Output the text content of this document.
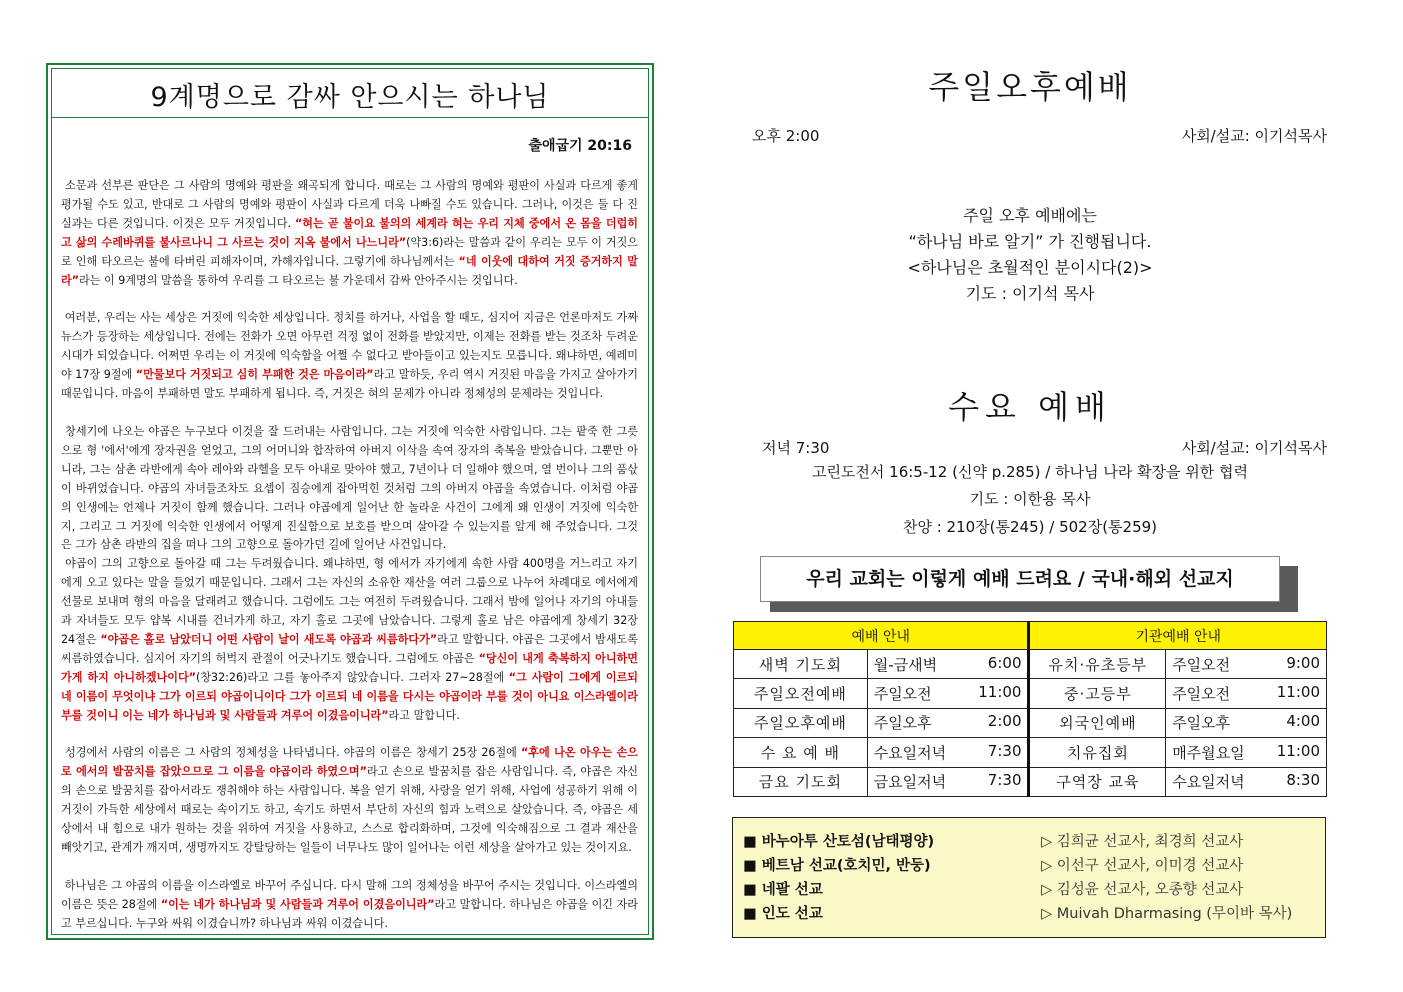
9계명으로 감싸 안으시는 하나님
출애굽기 20:16

소문과 선부른 판단은 그 사람의 명예와 평판을 왜곡되게 합니다. 때로는 그 사람의 명예와 평판이 사실과 다르게 좋게 평가될 수도 있고, 반대로 그 사람의 명예와 평판이 사실과 다르게 더욱 나빠질 수도 있습니다. 그러나, 이것은 둘 다 진실과는 다른 것입니다. 이것은 모두 거짓입니다. “혀는 곧 불이요 불의의 세계라 혀는 우리 지체 중에서 온 몸을 더럽히고 삶의 수레바퀴를 불사르나니 그 사르는 것이 지옥 불에서 나느니라”(약3:6)라는 말씀과 같이 우리는 모두 이 거짓으로 인해 타오르는 불에 타버린 피해자이며, 가해자입니다. 그렇기에 하나님께서는 “네 이웃에 대하여 거짓 증거하지 말라”라는 이 9계명의 말씀을 통하여 우리를 그 타오르는 불 가운데서 감싸 안아주시는 것입니다.

여러분, 우리는 사는 세상은 거짓에 익숙한 세상입니다. 정치를 하거나, 사업을 할 때도, 심지어 지금은 언론마저도 가짜뉴스가 등장하는 세상입니다. 전에는 전화가 오면 아무런 걱정 없이 전화를 받았지만, 이제는 전화를 받는 것조차 두려운 시대가 되었습니다. 어쩌면 우리는 이 거짓에 익숙함을 어쩔 수 없다고 받아들이고 있는지도 모릅니다. 왜냐하면, 예레미야 17장 9절에 “만물보다 거짓되고 심히 부패한 것은 마음이라”라고 말하듯, 우리 역시 거짓된 마음을 가지고 살아가기 때문입니다. 마음이 부패하면 말도 부패하게 됩니다. 즉, 거짓은 혀의 문제가 아니라 정체성의 문제라는 것입니다.

창세기에 나오는 야곱은 누구보다 이것을 잘 드러내는 사람입니다. 그는 거짓에 익숙한 사람입니다. 그는 팥죽 한 그릇으로 형 '에서'에게 장자권을 얻었고, 그의 어머니와 합작하여 아버지 이삭을 속여 장자의 축복을 받았습니다. 그뿐만 아니라, 그는 삼촌 라반에게 속아 레아와 라헬을 모두 아내로 맞아야 했고, 7년이나 더 일해야 했으며, 열 번이나 그의 품삯이 바뀌었습니다. 야곱의 자녀들조차도 요셉이 짐승에게 잡아먹힌 것처럼 그의 아버지 야곱을 속였습니다. 이처럼 야곱의 인생에는 언제나 거짓이 함께 했습니다. 그러나 야곱에게 일어난 한 놀라운 사건이 그에게 왜 인생이 거짓에 익숙한지, 그리고 그 거짓에 익숙한 인생에서 어떻게 진실함으로 보호를 받으며 살아갈 수 있는지를 알게 해 주었습니다. 그것은 그가 삼촌 라반의 집을 떠나 그의 고향으로 돌아가던 길에 일어난 사건입니다.

야곱이 그의 고향으로 돌아갈 때 그는 두려웠습니다. 왜냐하면, 형 에서가 자기에게 속한 사람 400명을 거느리고 자기에게 오고 있다는 말을 들었기 때문입니다. 그래서 그는 자신의 소유한 재산을 여러 그룹으로 나누어 차례대로 에서에게 선물로 보내며 형의 마음을 달래려고 했습니다. 그럼에도 그는 여전히 두려웠습니다. 그래서 밤에 일어나 자기의 아내들과 자녀들도 모두 얍복 시내를 건너가게 하고, 자기 홀로 그곳에 남았습니다. 그렇게 홀로 남은 야곱에게 창세기 32장 24절은 “야곱은 홀로 남았더니 어떤 사람이 날이 새도록 야곱과 씨름하다가”라고 말합니다. 야곱은 그곳에서 밤새도록 씨름하였습니다. 심지어 자기의 허벅지 관절이 어긋나기도 했습니다. 그럼에도 야곱은 “당신이 내게 축복하지 아니하면 가게 하지 아니하겠나이다”(창32:26)라고 그를 놓아주지 않았습니다. 그러자 27~28절에 “그 사람이 그에게 이르되 네 이름이 무엇이냐 그가 이르되 야곱이니이다 그가 이르되 네 이름을 다시는 야곱이라 부를 것이 아니요 이스라엘이라 부를 것이니 이는 네가 하나님과 및 사람들과 겨루어 이겼음이니라”라고 말합니다.

성경에서 사람의 이름은 그 사람의 정체성을 나타냅니다. 야곱의 이름은 창세기 25장 26절에 “후에 나온 아우는 손으로 에서의 발꿈치를 잡았으므로 그 이름을 야곱이라 하였으며”라고 손으로 발꿈치를 잡은 사람입니다. 즉, 야곱은 자신의 손으로 발꿈치를 잡아서라도 쟁취해야 하는 사람입니다. 복을 얻기 위해, 사랑을 얻기 위해, 사업에 성공하기 위해 이 거짓이 가득한 세상에서 때로는 속이기도 하고, 속기도 하면서 부단히 자신의 힘과 노력으로 살았습니다. 즉, 야곱은 세상에서 내 힘으로 내가 원하는 것을 위하여 거짓을 사용하고, 스스로 합리화하며, 그것에 익숙해짐으로 그 결과 재산을 빼앗기고, 관계가 깨지며, 생명까지도 강탈당하는 일들이 너무나도 많이 일어나는 이런 세상을 살아가고 있는 것이지요.

하나님은 그 야곱의 이름을 이스라엘로 바꾸어 주십니다. 다시 말해 그의 정체성을 바꾸어 주시는 것입니다. 이스라엘의 이름은 뜻은 28절에 “이는 네가 하나님과 및 사람들과 겨루어 이겼음이니라”라고 말합니다. 하나님은 야곱을 이긴 자라고 부르십니다. 누구와 싸워 이겼습니까? 하나님과 싸워 이겼습니다.

주일오후예배
오후 2:00	사회/설교: 이기석목사
주일 오후 예배에는
“하나님 바로 알기” 가 진행됩니다.
<하나님은 초월적인 분이시다(2)>
기도 : 이기석 목사
수요 예배
저녁 7:30	사회/설교: 이기석목사
고린도전서 16:5-12 (신약 p.285) / 하나님 나라 확장을 위한 협력
기도 : 이한용 목사
찬양 : 210장(통245) / 502장(통259)
우리 교회는 이렇게 예배 드려요 / 국내·해외 선교지
예배 안내		기관예배 안내	
새벽 기도회	월-금새벽 6:00	유치·유초등부	주일오전 9:00

주일오전예배	주일오전 11:00	중·고등부	주일오전 11:00

주일오후예배	주일오후 2:00	외국인예배	주일오후 4:00

수 요 예 배	수요일저녁 7:30	치유집회	매주월요일 11:00

금요 기도회	금요일저녁 7:30	구역장 교육	수요일저녁 8:30
■ 바누아투 산토섬(남태평양)	▷ 김희균 선교사, 최경희 선교사
■ 베트남 선교(호치민, 반둥)	▷ 이선구 선교사, 이미경 선교사
■ 네팔 선교	▷ 김성윤 선교사, 오종향 선교사
■ 인도 선교	▷ Muivah Dharmasing (무이바 목사)
